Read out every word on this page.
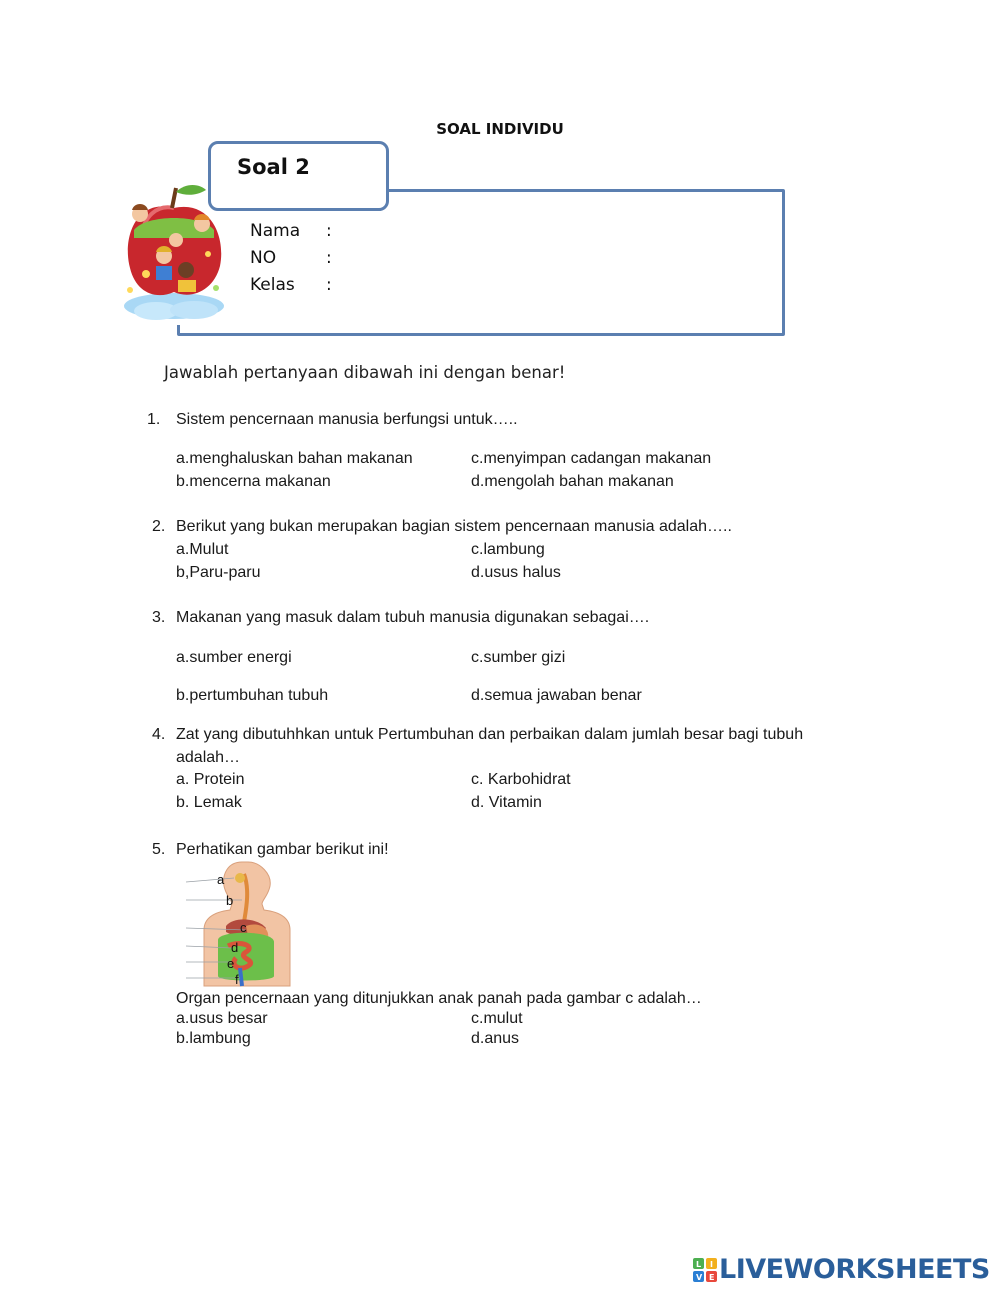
SOAL INDIVIDU
Soal 2
Nama :
NO	:
Kelas :
Jawablah pertanyaan dibawah ini dengan benar!
1. Sistem pencernaan manusia berfungsi untuk…..
a.menghaluskan bahan makanan	c.menyimpan cadangan makanan
b.mencerna makanan	d.mengolah bahan makanan
2. Berikut yang bukan merupakan bagian sistem pencernaan manusia adalah…..
a.Mulut	c.lambung
b,Paru-paru	d.usus halus
3. Makanan yang masuk dalam tubuh manusia digunakan sebagai….
a.sumber energi	c.sumber gizi
b.pertumbuhan tubuh	d.semua jawaban benar
4. Zat yang dibutuhhkan untuk Pertumbuhan dan perbaikan dalam jumlah besar bagi tubuh
adalah…
a. Protein	c. Karbohidrat
b. Lemak	d. Vitamin
5. Perhatikan gambar berikut ini!
a
b
c
d
e
f
Organ pencernaan yang ditunjukkan anak panah pada gambar c adalah…
a.usus besar	c.mulut
b.lambung	d.anus
L I
V E LIVEWORKSHEETS
